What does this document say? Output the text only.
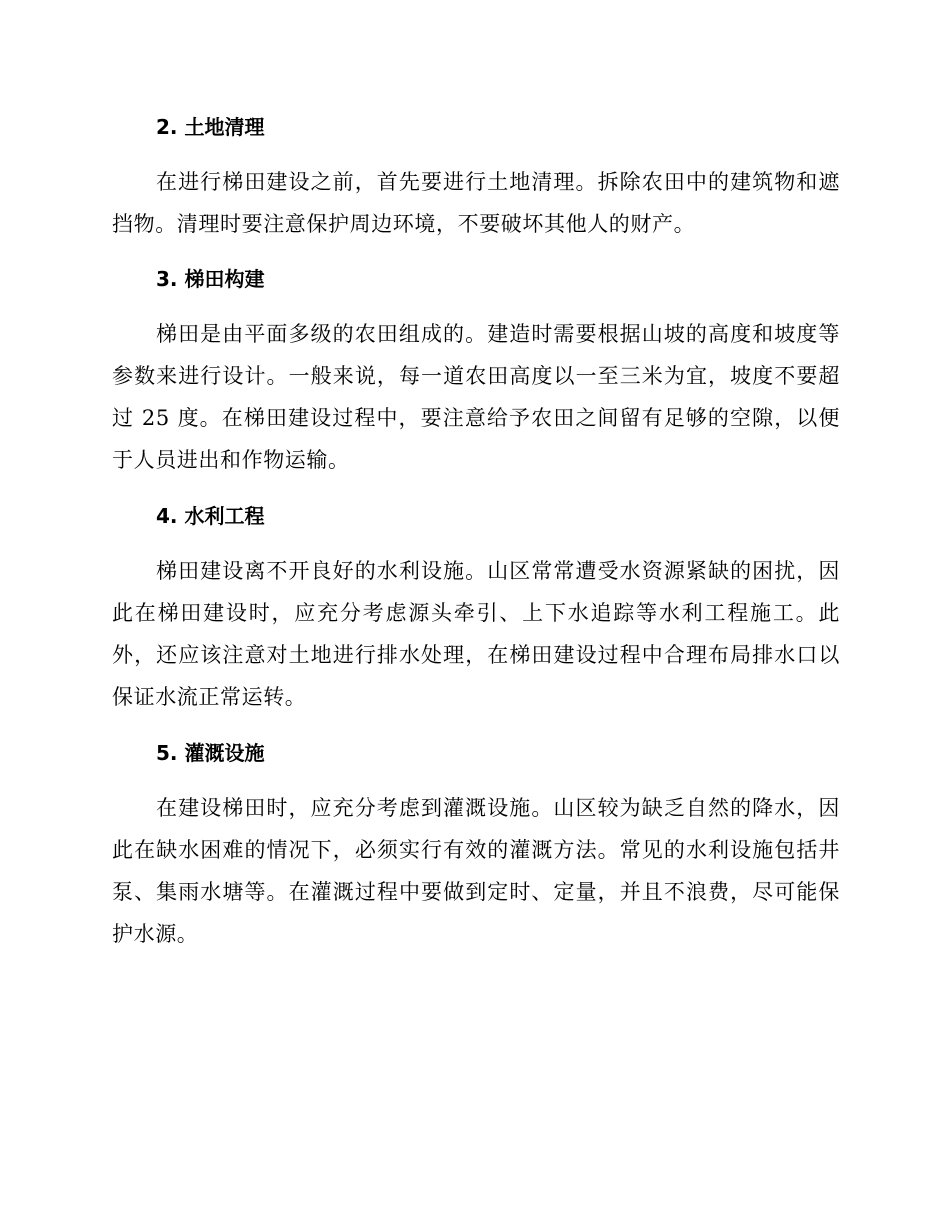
2. 土地清理

在进行梯田建设之前，首先要进行土地清理。拆除农田中的建筑物和遮挡物。清理时要注意保护周边环境，不要破坏其他人的财产。

3. 梯田构建

梯田是由平面多级的农田组成的。建造时需要根据山坡的高度和坡度等参数来进行设计。一般来说，每一道农田高度以一至三米为宜，坡度不要超过 25 度。在梯田建设过程中，要注意给予农田之间留有足够的空隙，以便于人员进出和作物运输。

4. 水利工程

梯田建设离不开良好的水利设施。山区常常遭受水资源紧缺的困扰，因此在梯田建设时，应充分考虑源头牵引、上下水追踪等水利工程施工。此外，还应该注意对土地进行排水处理，在梯田建设过程中合理布局排水口以保证水流正常运转。

5. 灌溉设施

在建设梯田时，应充分考虑到灌溉设施。山区较为缺乏自然的降水，因此在缺水困难的情况下，必须实行有效的灌溉方法。常见的水利设施包括井泵、集雨水塘等。在灌溉过程中要做到定时、定量，并且不浪费，尽可能保护水源。
